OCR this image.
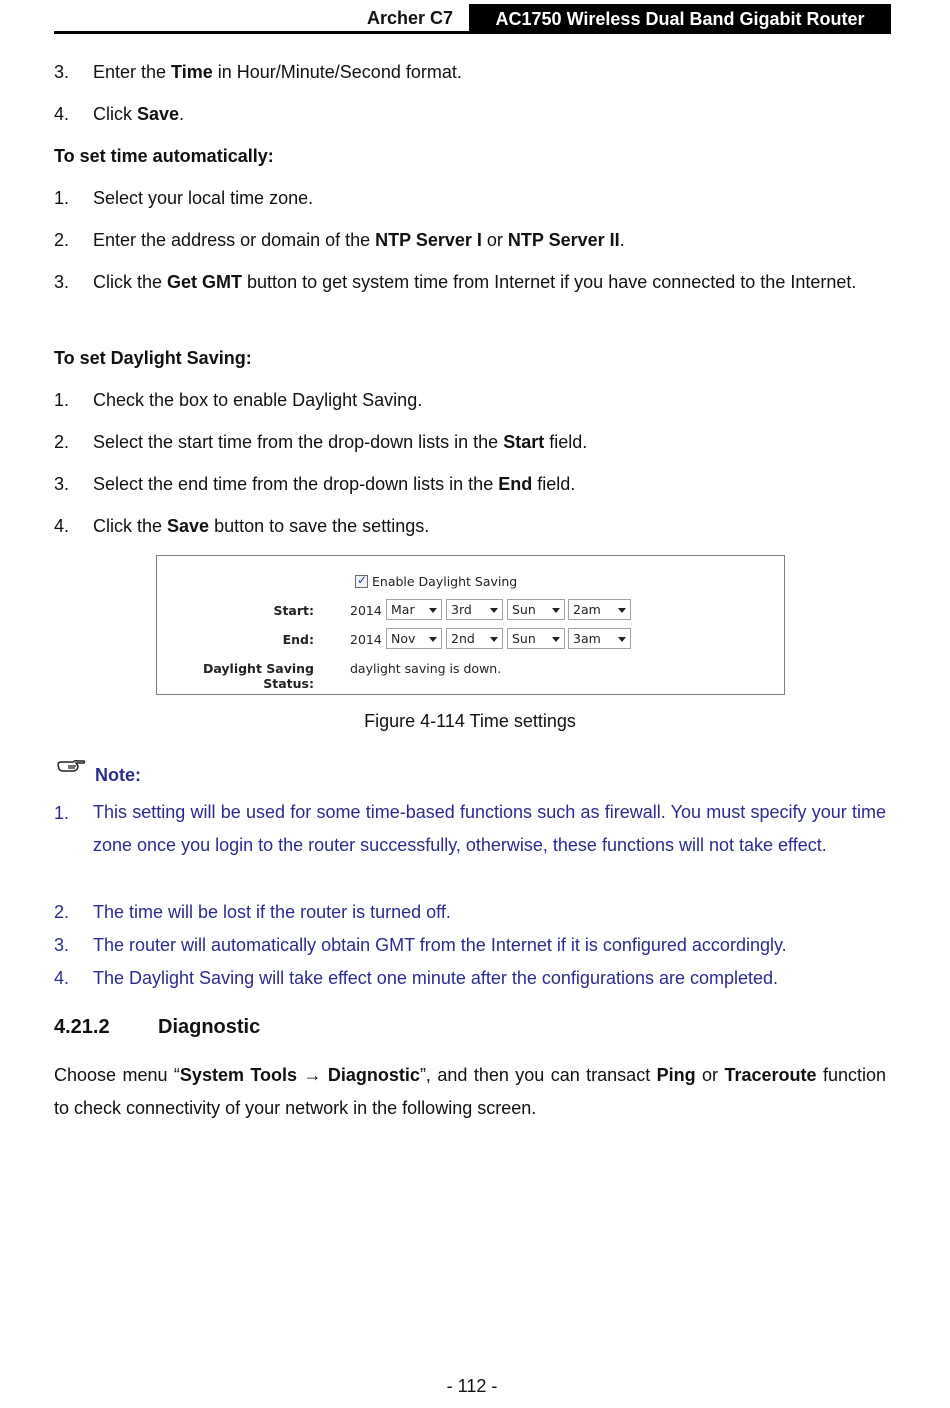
Archer C7	AC1750 Wireless Dual Band Gigabit Router
3. Enter the Time in Hour/Minute/Second format.
4. Click Save.
To set time automatically:
1. Select your local time zone.
2. Enter the address or domain of the NTP Server I or NTP Server II.
3. Click the Get GMT button to get system time from Internet if you have connected to the Internet.
To set Daylight Saving:
1. Check the box to enable Daylight Saving.
2. Select the start time from the drop-down lists in the Start field.
3. Select the end time from the drop-down lists in the End field.
4. Click the Save button to save the settings.
✓ Enable Daylight Saving
Start:	2014 Mar	3rd	Sun	2am
End:	2014 Nov	2nd	Sun	3am
Daylight Saving Status:
daylight saving is down.
Figure 4-114 Time settings
Note:
1. This setting will be used for some time-based functions such as firewall. You must specify your time zone once you login to the router successfully, otherwise, these functions will not take effect.
2. The time will be lost if the router is turned off.
3. The router will automatically obtain GMT from the Internet if it is configured accordingly.
4. The Daylight Saving will take effect one minute after the configurations are completed.
4.21.2 Diagnostic
Choose menu “System Tools → Diagnostic”, and then you can transact Ping or Traceroute function to check connectivity of your network in the following screen.
- 112 -
